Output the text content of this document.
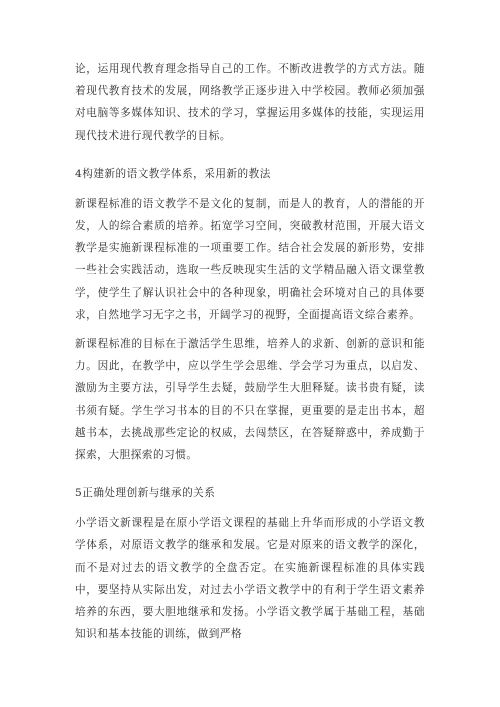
论，运用现代教育理念指导自己的工作。不断改进教学的方式方法。随着现代教育技术的发展，网络教学正逐步进入中学校园。教师必须加强对电脑等多媒体知识、技术的学习，掌握运用多媒体的技能，实现运用现代技术进行现代教学的目标。

4构建新的语文教学体系，采用新的教法

新课程标准的语文教学不是文化的复制，而是人的教育，人的潜能的开发，人的综合素质的培养。拓宽学习空间，突破教材范围，开展大语文教学是实施新课程标准的一项重要工作。结合社会发展的新形势，安排一些社会实践活动，选取一些反映现实生活的文学精品融入语文课堂教学，使学生了解认识社会中的各种现象，明确社会环境对自己的具体要求，自然地学习无字之书，开阔学习的视野，全面提高语文综合素养。

新课程标准的目标在于激活学生思维，培养人的求新、创新的意识和能力。因此，在教学中，应以学生学会思维、学会学习为重点，以启发、激励为主要方法，引导学生去疑，鼓励学生大胆释疑。读书贵有疑，读书须有疑。学生学习书本的目的不只在掌握，更重要的是走出书本，超越书本，去挑战那些定论的权威，去闯禁区，在答疑辩惑中，养成勤于探索，大胆探索的习惯。

5正确处理创新与继承的关系

小学语文新课程是在原小学语文课程的基础上升华而形成的小学语文教学体系，对原语文教学的继承和发展。它是对原来的语文教学的深化，而不是对过去的语文教学的全盘否定。在实施新课程标准的具体实践中，要坚持从实际出发，对过去小学语文教学中的有利于学生语文素养培养的东西，要大胆地继承和发扬。小学语文教学属于基础工程，基础知识和基本技能的训练，做到严格
